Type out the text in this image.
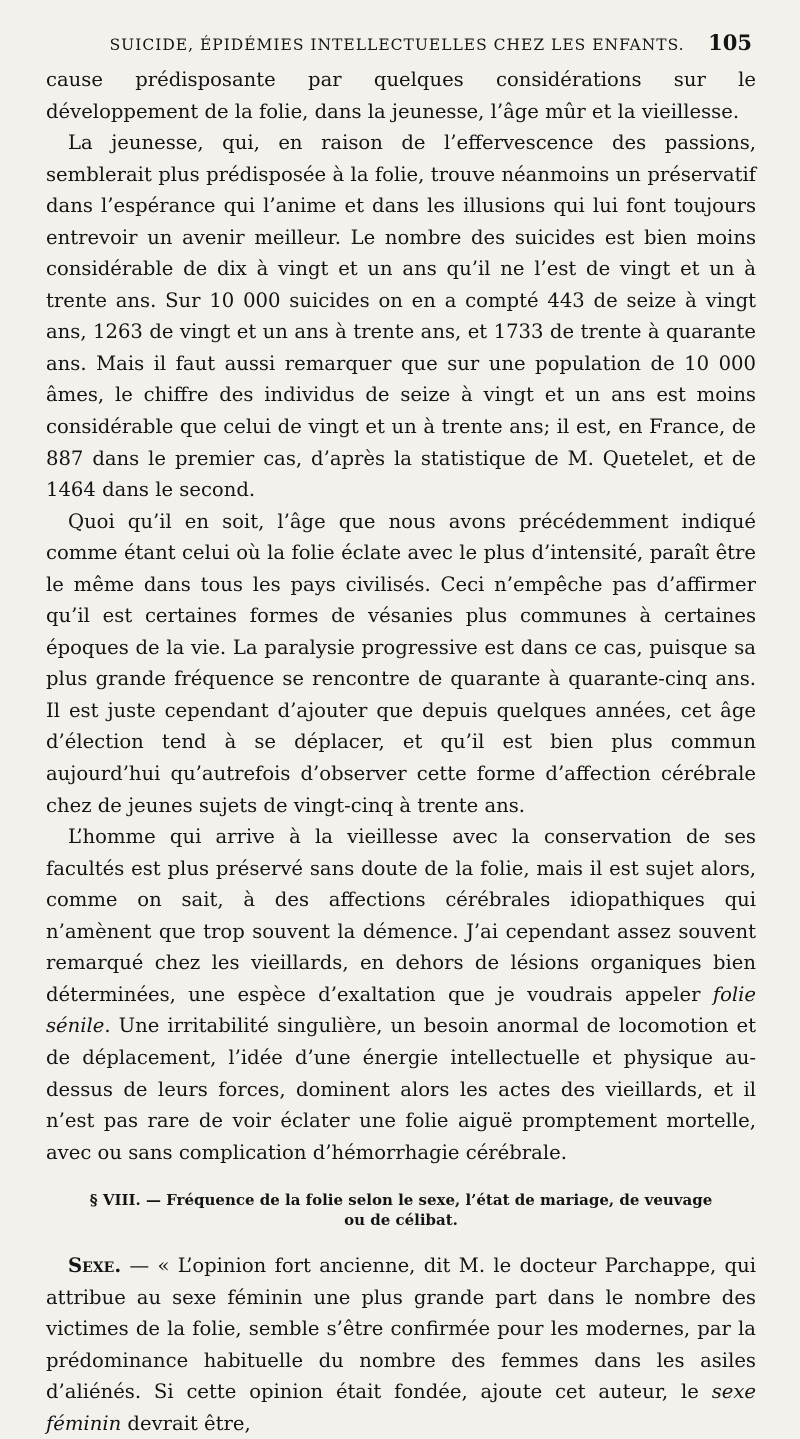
SUICIDE, ÉPIDÉMIES INTELLECTUELLES CHEZ LES ENFANTS.	105

cause prédisposante par quelques considérations sur le développement de la folie, dans la jeunesse, l’âge mûr et la vieillesse.

La jeunesse, qui, en raison de l’effervescence des passions, semblerait plus prédisposée à la folie, trouve néanmoins un préservatif dans l’espérance qui l’anime et dans les illusions qui lui font toujours entrevoir un avenir meilleur. Le nombre des suicides est bien moins considérable de dix à vingt et un ans qu’il ne l’est de vingt et un à trente ans. Sur 10 000 suicides on en a compté 443 de seize à vingt ans, 1263 de vingt et un ans à trente ans, et 1733 de trente à quarante ans. Mais il faut aussi remarquer que sur une population de 10 000 âmes, le chiffre des individus de seize à vingt et un ans est moins considérable que celui de vingt et un à trente ans; il est, en France, de 887 dans le premier cas, d’après la statistique de M. Quetelet, et de 1464 dans le second.

Quoi qu’il en soit, l’âge que nous avons précédemment indiqué comme étant celui où la folie éclate avec le plus d’intensité, paraît être le même dans tous les pays civilisés. Ceci n’empêche pas d’affirmer qu’il est certaines formes de vésanies plus communes à certaines époques de la vie. La paralysie progressive est dans ce cas, puisque sa plus grande fréquence se rencontre de quarante à quarante-cinq ans. Il est juste cependant d’ajouter que depuis quelques années, cet âge d’élection tend à se déplacer, et qu’il est bien plus commun aujourd’hui qu’autrefois d’observer cette forme d’affection cérébrale chez de jeunes sujets de vingt-cinq à trente ans.

L’homme qui arrive à la vieillesse avec la conservation de ses facultés est plus préservé sans doute de la folie, mais il est sujet alors, comme on sait, à des affections cérébrales idiopathiques qui n’amènent que trop souvent la démence. J’ai cependant assez souvent remarqué chez les vieillards, en dehors de lésions organiques bien déterminées, une espèce d’exaltation que je voudrais appeler folie sénile. Une irritabilité singulière, un besoin anormal de locomotion et de déplacement, l’idée d’une énergie intellectuelle et physique au-dessus de leurs forces, dominent alors les actes des vieillards, et il n’est pas rare de voir éclater une folie aiguë promptement mortelle, avec ou sans complication d’hémorrhagie cérébrale.

§ VIII. — Fréquence de la folie selon le sexe, l’état de mariage, de veuvage
ou de célibat.

Sexe. — « L’opinion fort ancienne, dit M. le docteur Parchappe, qui attribue au sexe féminin une plus grande part dans le nombre des victimes de la folie, semble s’être confirmée pour les modernes, par la prédominance habituelle du nombre des femmes dans les asiles d’aliénés. Si cette opinion était fondée, ajoute cet auteur, le sexe féminin devrait être,
